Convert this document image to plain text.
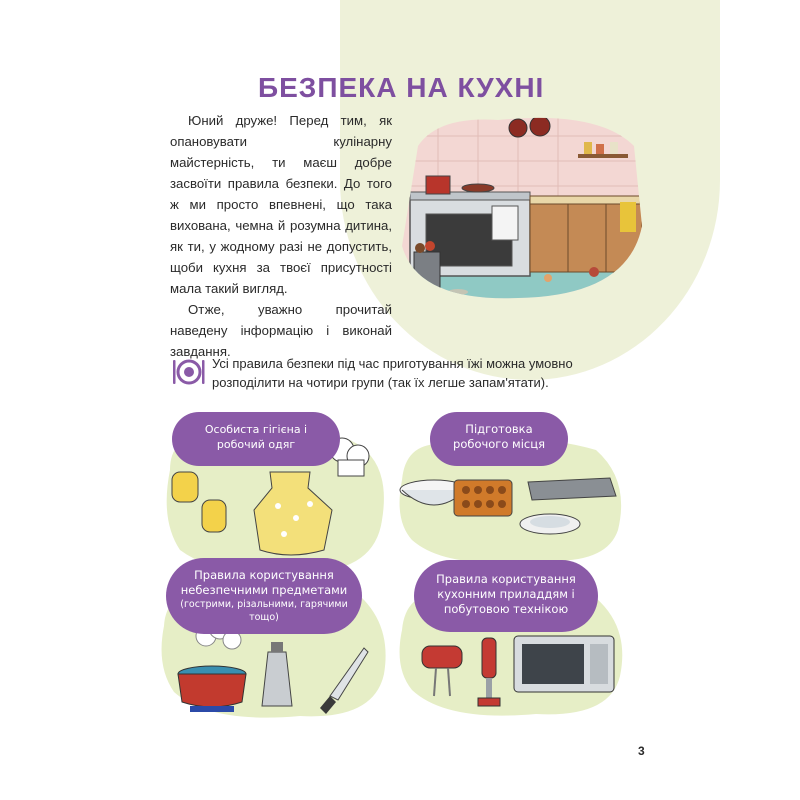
БЕЗПЕКА НА КУХНІ

Юний друже! Перед тим, як опановувати кулінарну майстерність, ти маєш добре засвоїти правила безпеки. До того ж ми просто впевнені, що така вихована, чемна й розумна дитина, як ти, у жодному разі не допустить, щоби кухня за твоєї присутності мала такий вигляд.

Отже, уважно прочитай наведену інформацію і виконай завдання.

Усі правила безпеки під час приготування їжі можна умовно розподілити на чотири групи (так їх легше запам'ятати).
Особиста гігієна і робочий одяг
Підготовка робочого місця
Правила користування небезпечними предметами
(гострими, різальними, гарячими тощо)
Правила користування кухонним приладдям і побутовою технікою
3
